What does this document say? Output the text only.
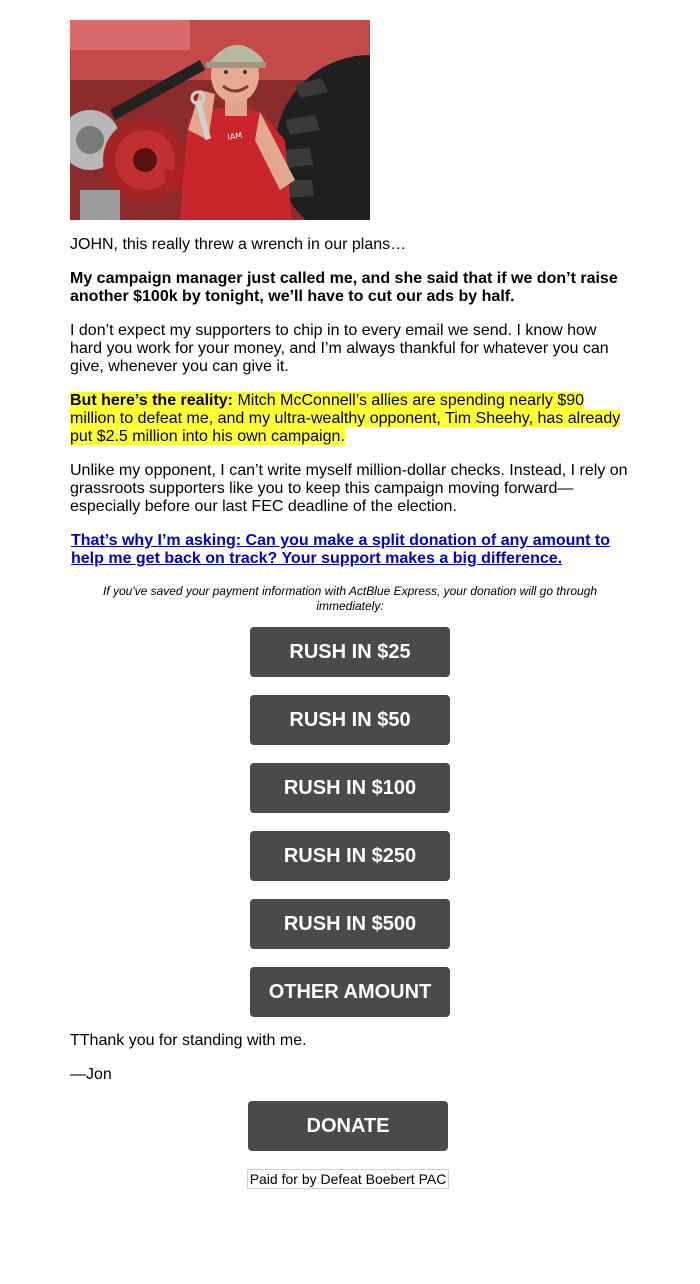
IAM

JOHN, this really threw a wrench in our plans…

My campaign manager just called me, and she said that if we don’t raise another $100k by tonight, we’ll have to cut our ads by half.

I don’t expect my supporters to chip in to every email we send. I know how hard you work for your money, and I’m always thankful for whatever you can give, whenever you can give it.

But here’s the reality: Mitch McConnell’s allies are spending nearly $90 million to defeat me, and my ultra-wealthy opponent, Tim Sheehy, has already put $2.5 million into his own campaign.

Unlike my opponent, I can’t write myself million-dollar checks. Instead, I rely on grassroots supporters like you to keep this campaign moving forward—especially before our last FEC deadline of the election.

That’s why I’m asking: Can you make a split donation of any amount to help me get back on track? Your support makes a big difference.

If you've saved your payment information with ActBlue Express, your donation will go through immediately:

RUSH IN $25
RUSH IN $50
RUSH IN $100
RUSH IN $250
RUSH IN $500
OTHER AMOUNT

TThank you for standing with me.

—Jon

DONATE
Paid for by Defeat Boebert PAC
